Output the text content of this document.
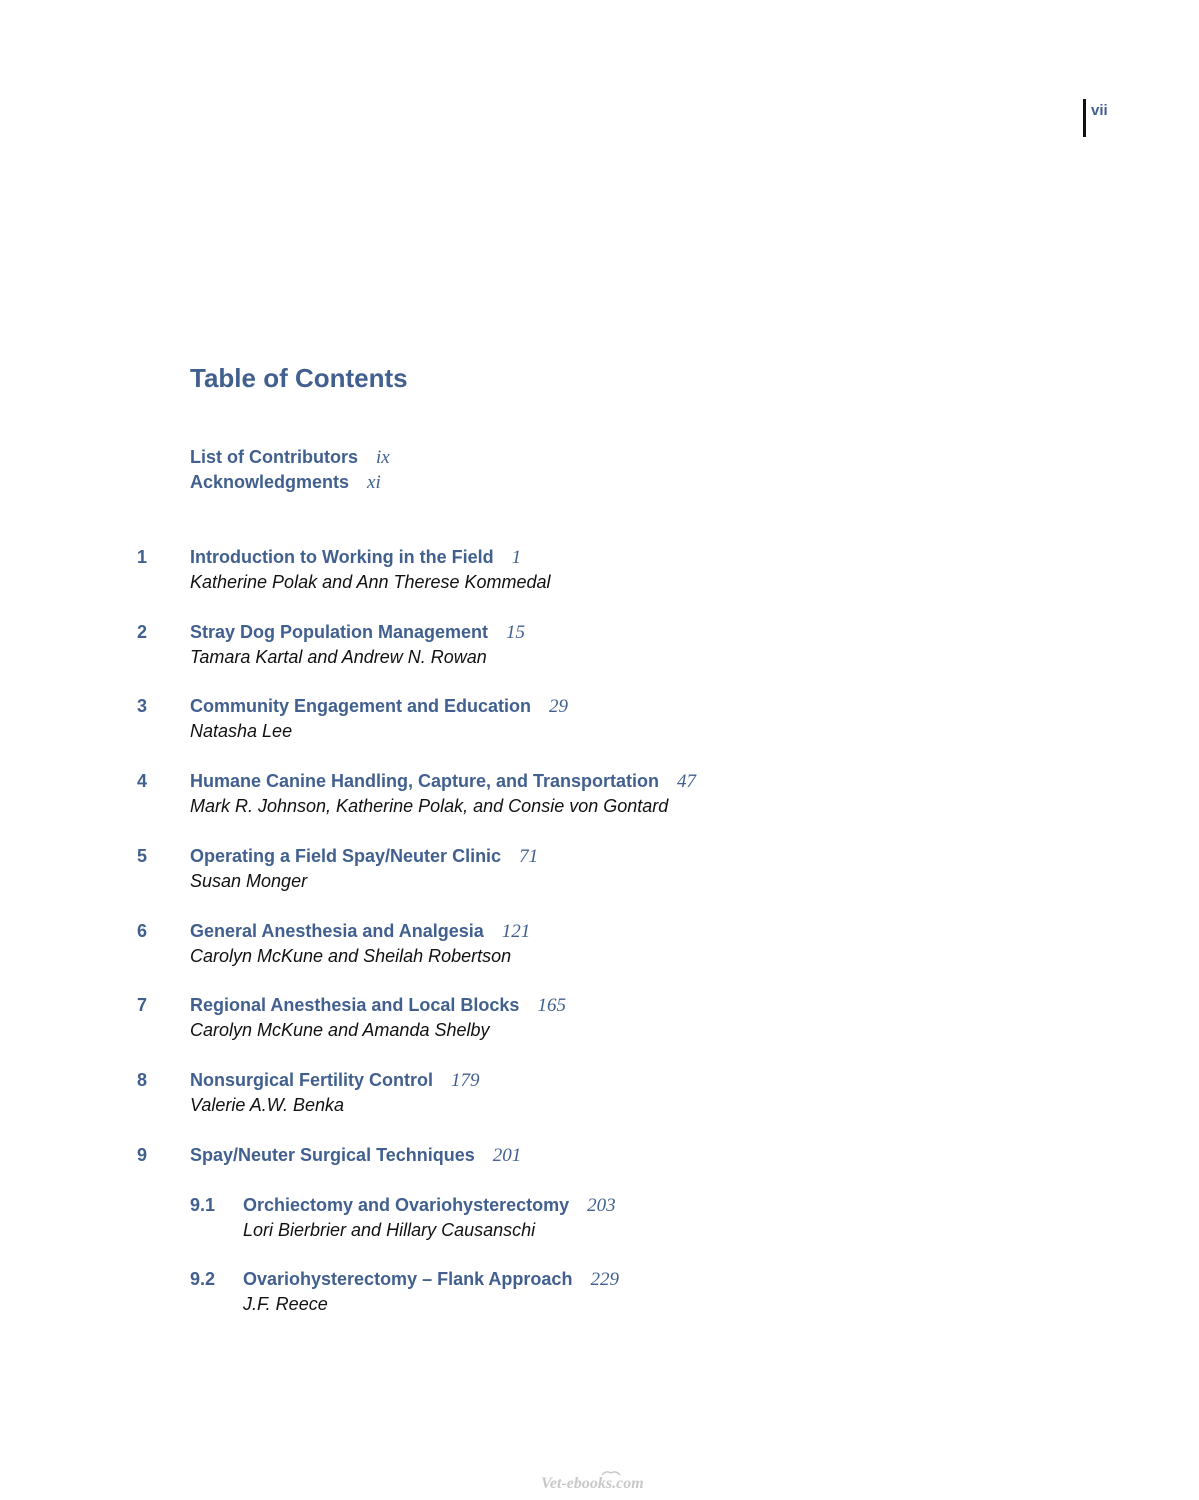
vii
Table of Contents
List of Contributors ix
Acknowledgments xi
1 Introduction to Working in the Field 1
Katherine Polak and Ann Therese Kommedal
2 Stray Dog Population Management 15
Tamara Kartal and Andrew N. Rowan
3 Community Engagement and Education 29
Natasha Lee
4 Humane Canine Handling, Capture, and Transportation 47
Mark R. Johnson, Katherine Polak, and Consie von Gontard
5 Operating a Field Spay/Neuter Clinic 71
Susan Monger
6 General Anesthesia and Analgesia 121
Carolyn McKune and Sheilah Robertson
7 Regional Anesthesia and Local Blocks 165
Carolyn McKune and Amanda Shelby
8 Nonsurgical Fertility Control 179
Valerie A.W. Benka
9 Spay/Neuter Surgical Techniques 201
9.1 Orchiectomy and Ovariohysterectomy 203
Lori Bierbrier and Hillary Causanschi
9.2 Ovariohysterectomy – Flank Approach 229
J.F. Reece
Vet-ebooks.com
